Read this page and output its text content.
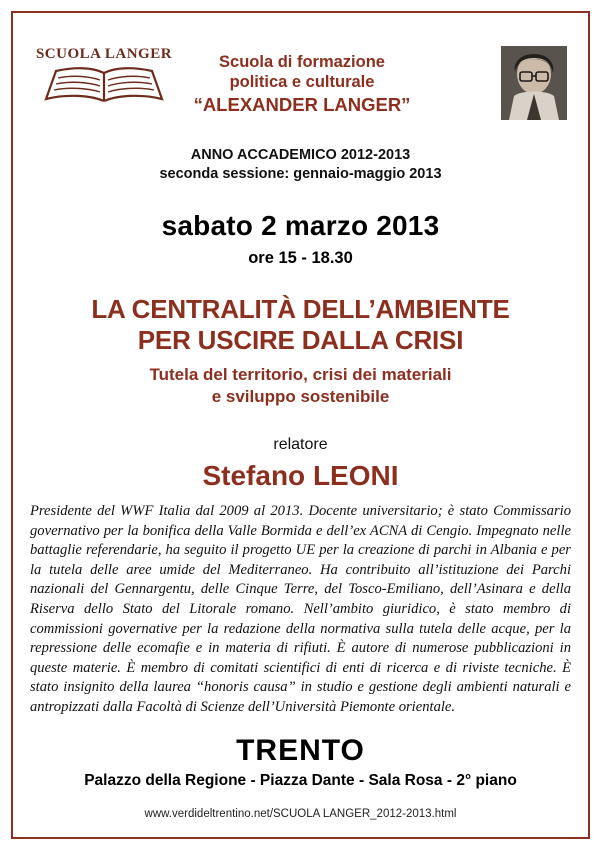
SCUOLA LANGER	Scuola di formazione
politica e culturale
“ALEXANDER LANGER”
ANNO ACCADEMICO 2012-2013
seconda sessione: gennaio-maggio 2013
sabato 2 marzo 2013
ore 15 - 18.30
LA CENTRALITÀ DELL’AMBIENTE
PER USCIRE DALLA CRISI
Tutela del territorio, crisi dei materiali
e sviluppo sostenibile
relatore
Stefano LEONI
Presidente del WWF Italia dal 2009 al 2013. Docente universitario; è stato Commissario governativo per la bonifica della Valle Bormida e dell’ex ACNA di Cengio. Impegnato nelle battaglie referendarie, ha seguito il progetto UE per la creazione di parchi in Albania e per la tutela delle aree umide del Mediterraneo. Ha contribuito all’istituzione dei Parchi nazionali del Gennargentu, delle Cinque Terre, del Tosco-Emiliano, dell’Asinara e della Riserva dello Stato del Litorale romano. Nell’ambito giuridico, è stato membro di commissioni governative per la redazione della normativa sulla tutela delle acque, per la repressione delle ecomafie e in materia di rifiuti. È autore di numerose pubblicazioni in queste materie. È membro di comitati scientifici di enti di ricerca e di riviste tecniche. È stato insignito della laurea “honoris causa” in studio e gestione degli ambienti naturali e antropizzati dalla Facoltà di Scienze dell’Università Piemonte orientale.
TRENTO
Palazzo della Regione - Piazza Dante - Sala Rosa - 2° piano
www.verdideltrentino.net/SCUOLA LANGER_2012-2013.html
